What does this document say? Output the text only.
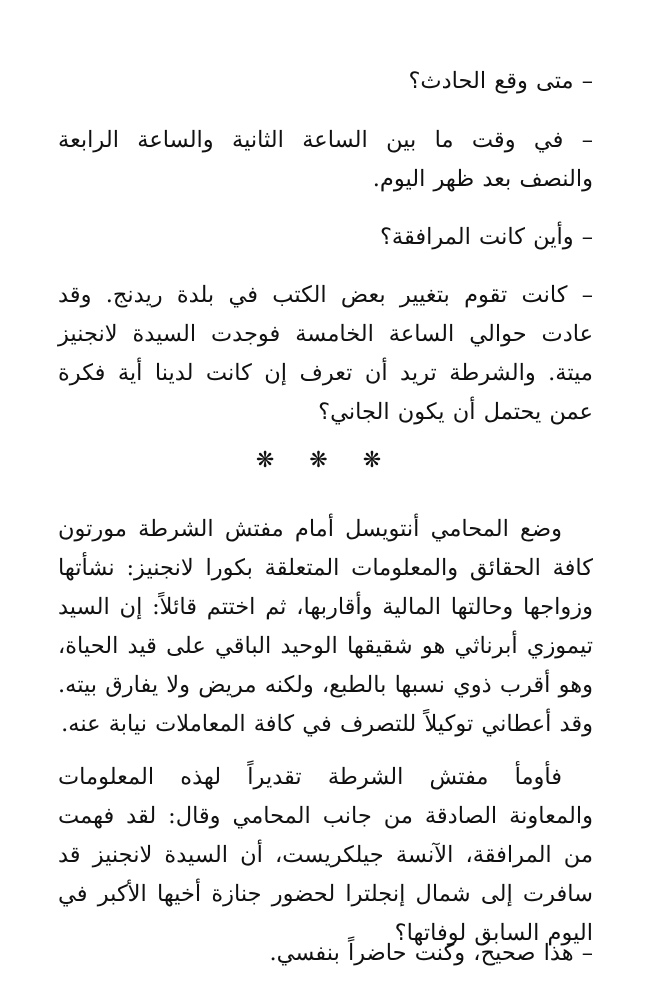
– متى وقع الحادث؟

– في وقت ما بين الساعة الثانية والساعة الرابعة والنصف بعد ظهر اليوم.

– وأين كانت المرافقة؟

– كانت تقوم بتغيير بعض الكتب في بلدة ريدنج. وقد عادت حوالي الساعة الخامسة فوجدت السيدة لانجنيز ميتة. والشرطة تريد أن تعرف إن كانت لدينا أية فكرة عمن يحتمل أن يكون الجاني؟

❋ ❋ ❋

وضع المحامي أنتويسل أمام مفتش الشرطة مورتون كافة الحقائق والمعلومات المتعلقة بكورا لانجنيز: نشأتها وزواجها وحالتها المالية وأقاربها، ثم اختتم قائلاً: إن السيد تيموزي أبرناثي هو شقيقها الوحيد الباقي على قيد الحياة، وهو أقرب ذوي نسبها بالطبع، ولكنه مريض ولا يفارق بيته. وقد أعطاني توكيلاً للتصرف في كافة المعاملات نيابة عنه.

فأومأ مفتش الشرطة تقديراً لهذه المعلومات والمعاونة الصادقة من جانب المحامي وقال: لقد فهمت من المرافقة، الآنسة جيلكريست، أن السيدة لانجنيز قد سافرت إلى شمال إنجلترا لحضور جنازة أخيها الأكبر في اليوم السابق لوفاتها؟

– هذا صحيح، وكنت حاضراً بنفسي.
